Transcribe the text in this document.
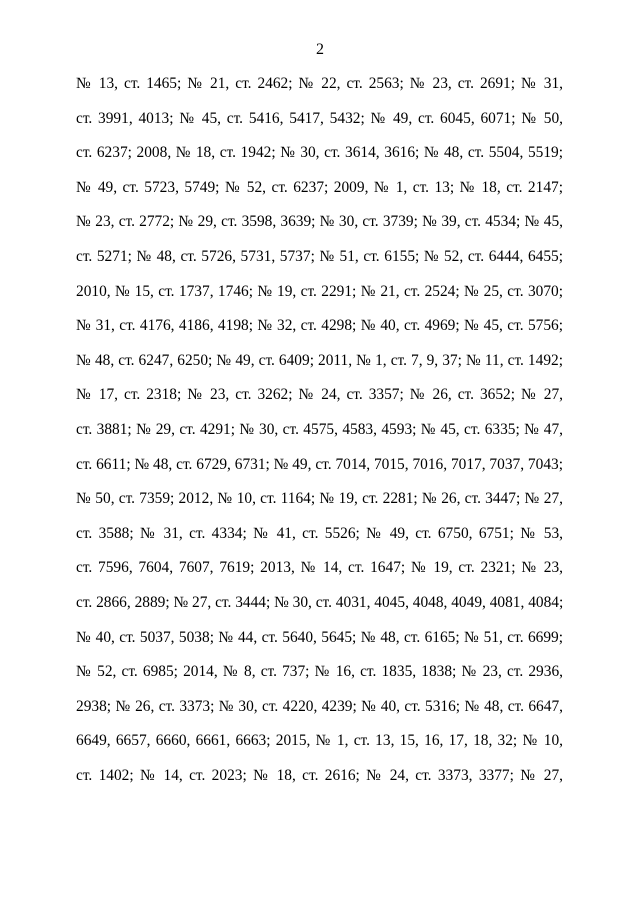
2
№ 13, ст. 1465; № 21, ст. 2462; № 22, ст. 2563; № 23, ст. 2691; № 31,
ст. 3991, 4013; № 45, ст. 5416, 5417, 5432; № 49, ст. 6045, 6071; № 50,
ст. 6237; 2008, № 18, ст. 1942; № 30, ст. 3614, 3616; № 48, ст. 5504, 5519;
№ 49, ст. 5723, 5749; № 52, ст. 6237; 2009, № 1, ст. 13; № 18, ст. 2147;
№ 23, ст. 2772; № 29, ст. 3598, 3639; № 30, ст. 3739; № 39, ст. 4534; № 45,
ст. 5271; № 48, ст. 5726, 5731, 5737; № 51, ст. 6155; № 52, ст. 6444, 6455;
2010, № 15, ст. 1737, 1746; № 19, ст. 2291; № 21, ст. 2524; № 25, ст. 3070;
№ 31, ст. 4176, 4186, 4198; № 32, ст. 4298; № 40, ст. 4969; № 45, ст. 5756;
№ 48, ст. 6247, 6250; № 49, ст. 6409; 2011, № 1, ст. 7, 9, 37; № 11, ст. 1492;
№ 17, ст. 2318; № 23, ст. 3262; № 24, ст. 3357; № 26, ст. 3652; № 27,
ст. 3881; № 29, ст. 4291; № 30, ст. 4575, 4583, 4593; № 45, ст. 6335; № 47,
ст. 6611; № 48, ст. 6729, 6731; № 49, ст. 7014, 7015, 7016, 7017, 7037, 7043;
№ 50, ст. 7359; 2012, № 10, ст. 1164; № 19, ст. 2281; № 26, ст. 3447; № 27,
ст. 3588; № 31, ст. 4334; № 41, ст. 5526; № 49, ст. 6750, 6751; № 53,
ст. 7596, 7604, 7607, 7619; 2013, № 14, ст. 1647; № 19, ст. 2321; № 23,
ст. 2866, 2889; № 27, ст. 3444; № 30, ст. 4031, 4045, 4048, 4049, 4081, 4084;
№ 40, ст. 5037, 5038; № 44, ст. 5640, 5645; № 48, ст. 6165; № 51, ст. 6699;
№ 52, ст. 6985; 2014, № 8, ст. 737; № 16, ст. 1835, 1838; № 23, ст. 2936,
2938; № 26, ст. 3373; № 30, ст. 4220, 4239; № 40, ст. 5316; № 48, ст. 6647,
6649, 6657, 6660, 6661, 6663; 2015, № 1, ст. 13, 15, 16, 17, 18, 32; № 10,
ст. 1402; № 14, ст. 2023; № 18, ст. 2616; № 24, ст. 3373, 3377; № 27,
